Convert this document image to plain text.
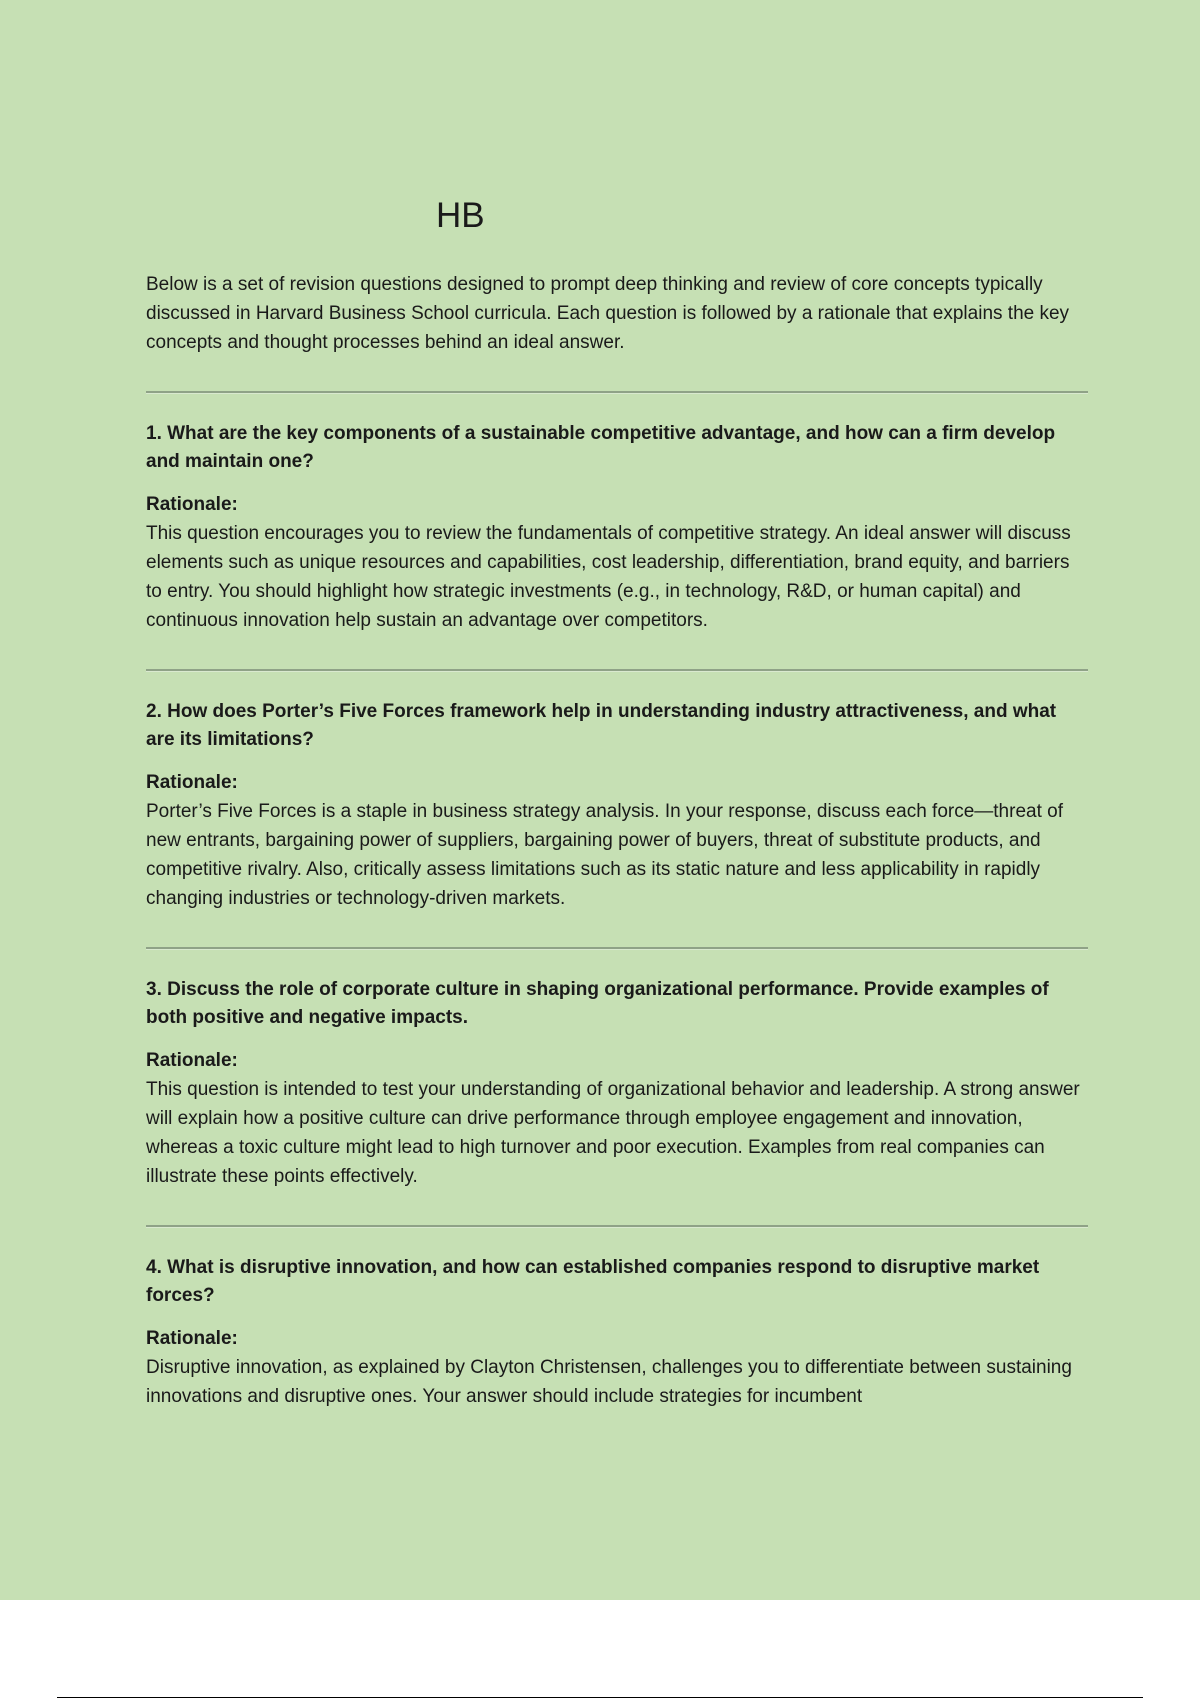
HB

Below is a set of revision questions designed to prompt deep thinking and review of core concepts typically discussed in Harvard Business School curricula. Each question is followed by a rationale that explains the key concepts and thought processes behind an ideal answer.

1. What are the key components of a sustainable competitive advantage, and how can a firm develop and maintain one?

Rationale:

This question encourages you to review the fundamentals of competitive strategy. An ideal answer will discuss elements such as unique resources and capabilities, cost leadership, differentiation, brand equity, and barriers to entry. You should highlight how strategic investments (e.g., in technology, R&D, or human capital) and continuous innovation help sustain an advantage over competitors.

2. How does Porter’s Five Forces framework help in understanding industry attractiveness, and what are its limitations?

Rationale:

Porter’s Five Forces is a staple in business strategy analysis. In your response, discuss each force—threat of new entrants, bargaining power of suppliers, bargaining power of buyers, threat of substitute products, and competitive rivalry. Also, critically assess limitations such as its static nature and less applicability in rapidly changing industries or technology-driven markets.

3. Discuss the role of corporate culture in shaping organizational performance. Provide examples of both positive and negative impacts.

Rationale:

This question is intended to test your understanding of organizational behavior and leadership. A strong answer will explain how a positive culture can drive performance through employee engagement and innovation, whereas a toxic culture might lead to high turnover and poor execution. Examples from real companies can illustrate these points effectively.

4. What is disruptive innovation, and how can established companies respond to disruptive market forces?

Rationale:

Disruptive innovation, as explained by Clayton Christensen, challenges you to differentiate between sustaining innovations and disruptive ones. Your answer should include strategies for incumbent
